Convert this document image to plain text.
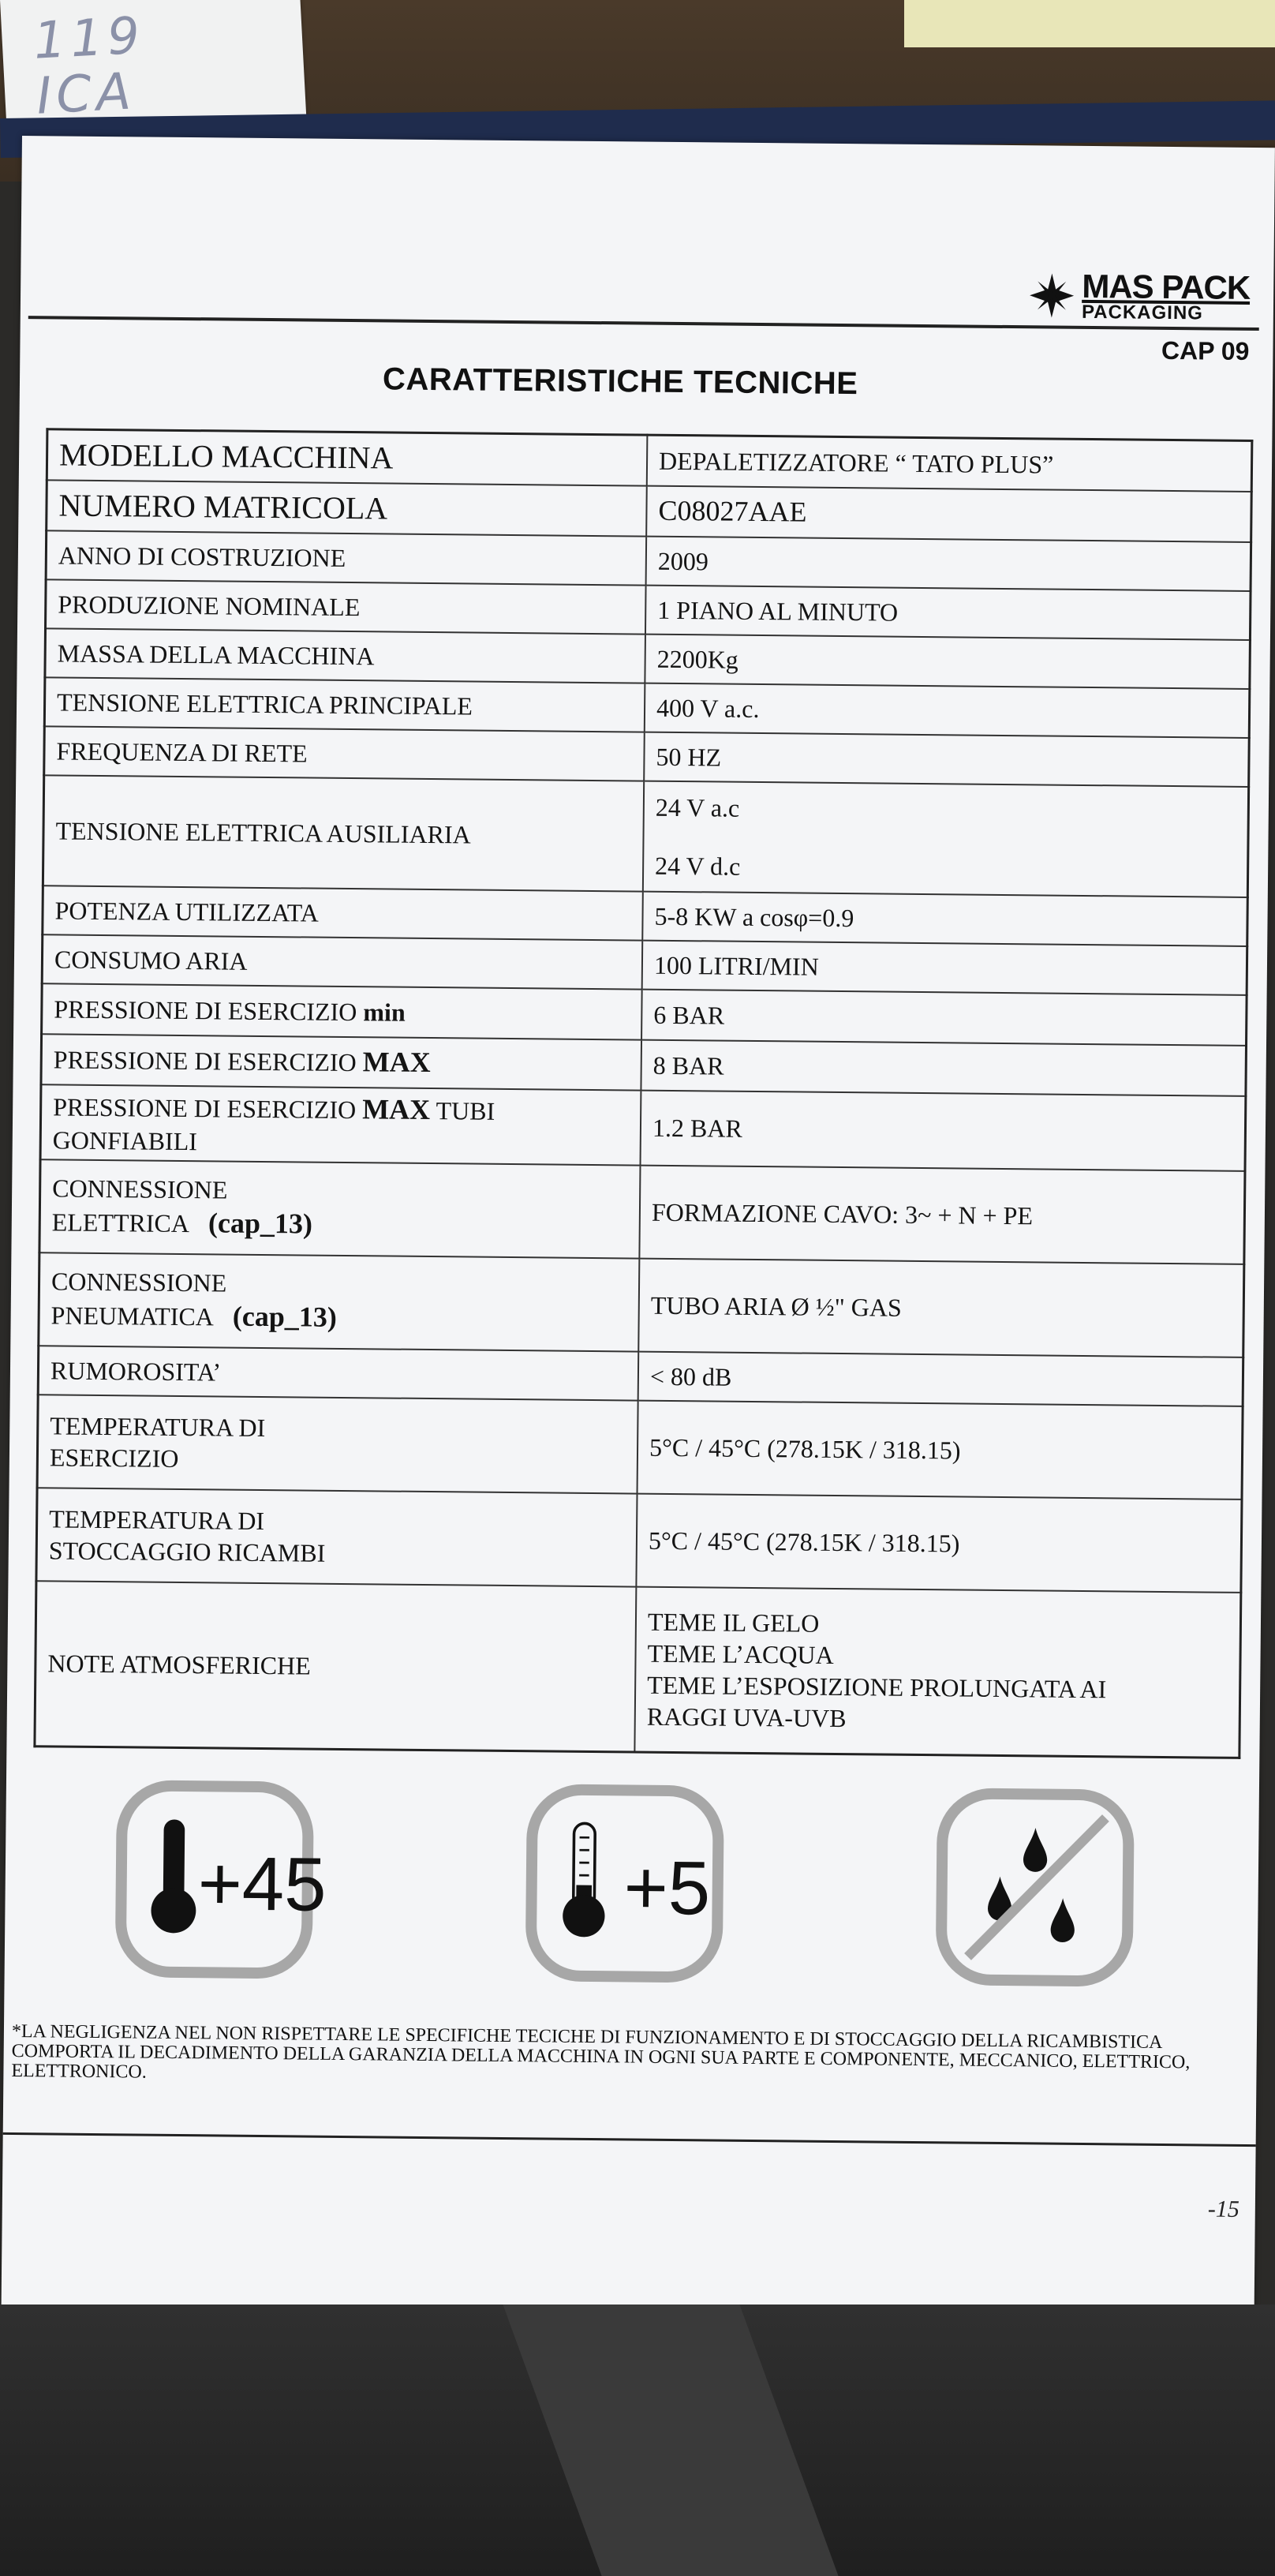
119
ICA
MAS PACK
PACKAGING
CAP 09
CARATTERISTICHE TECNICHE
MODELLO MACCHINA	DEPALETIZZATORE “ TATO PLUS”
NUMERO MATRICOLA	C08027AAE
ANNO DI COSTRUZIONE	2009
PRODUZIONE NOMINALE	1 PIANO AL MINUTO
MASSA DELLA MACCHINA	2200Kg
TENSIONE ELETTRICA PRINCIPALE	400 V a.c.
FREQUENZA DI RETE	50 HZ
TENSIONE ELETTRICA AUSILIARIA	24 V a.c
24 V d.c

POTENZA UTILIZZATA	5-8 KW a cosφ=0.9
CONSUMO ARIA	100 LITRI/MIN
PRESSIONE DI ESERCIZIO min	6 BAR
PRESSIONE DI ESERCIZIO MAX	8 BAR
PRESSIONE DI ESERCIZIO MAX TUBI
GONFIABILI	1.2 BAR
CONNESSIONE
ELETTRICA (cap_13)	FORMAZIONE CAVO: 3~ + N + PE
CONNESSIONE
PNEUMATICA (cap_13)	TUBO ARIA Ø ½" GAS
RUMOROSITA’	< 80 dB
TEMPERATURA DI
ESERCIZIO	5°C / 45°C (278.15K / 318.15)
TEMPERATURA DI
STOCCAGGIO RICAMBI	5°C / 45°C (278.15K / 318.15)
NOTE ATMOSFERICHE	TEME IL GELO
TEME L’ACQUA
TEME L’ESPOSIZIONE PROLUNGATA AI
RAGGI UVA-UVB
+45	+5
*LA NEGLIGENZA NEL NON RISPETTARE LE SPECIFICHE TECICHE DI FUNZIONAMENTO E DI STOCCAGGIO DELLA RICAMBISTICA COMPORTA IL DECADIMENTO DELLA GARANZIA DELLA MACCHINA IN OGNI SUA PARTE E COMPONENTE, MECCANICO, ELETTRICO, ELETTRONICO.
-15
